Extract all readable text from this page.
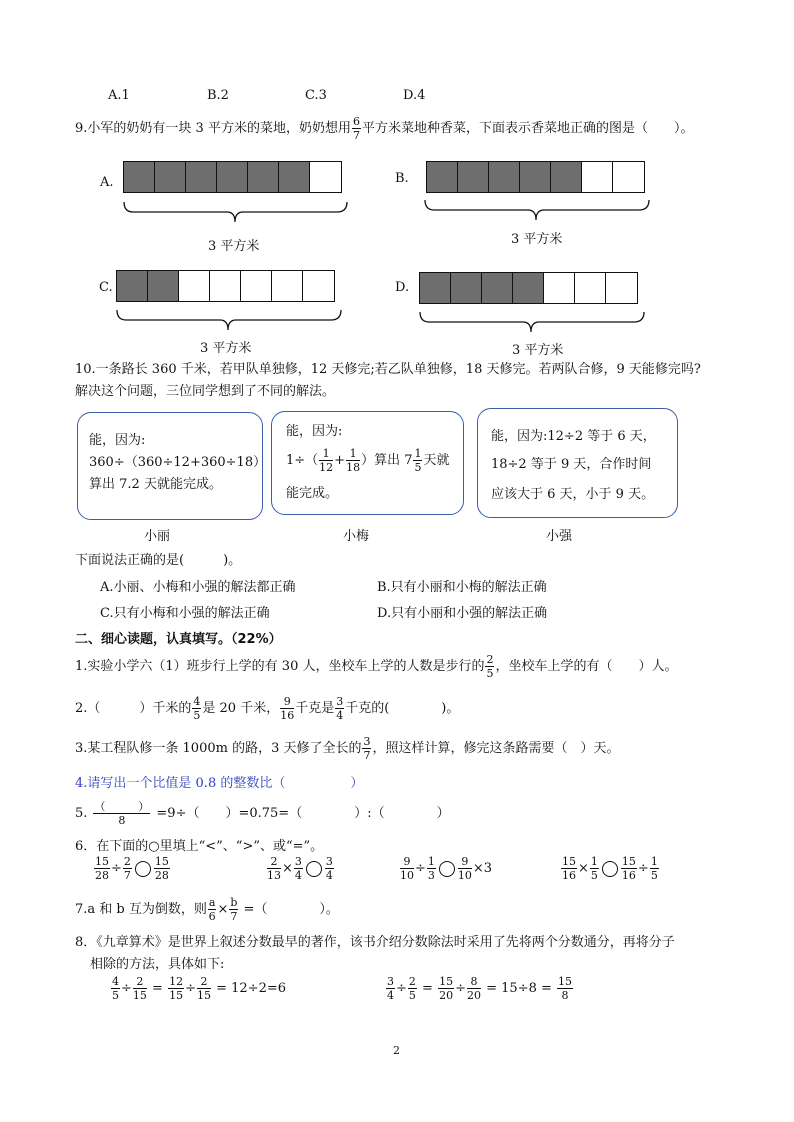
A.1	B.2	C.3	D.4
9.小军的奶奶有一块 3 平方米的菜地，奶奶想用 $\frac{6}{7}$ 平方米菜地种香菜，下面表示香菜地正确的图是（　　）。
A.
3 平方米
B.
3 平方米
C.
3 平方米
D.
3 平方米
10.一条路长 360 千米，若甲队单独修，12 天修完;若乙队单独修，18 天修完。若两队合修，9 天能修完吗?
解决这个问题，三位同学想到了不同的解法。
能，因为:
360÷（360÷12+360÷18）
算出 7.2 天就能完成。
能，因为:
$1\div( \frac{1}{12} + \frac{1}{18}$ ）算出 $7 \frac{1}{5}$ 天就
能完成。
能，因为:12÷2 等于 6 天，
18÷2 等于 9 天，合作时间
应该大于 6 天，小于 9 天。
小丽	小梅	小强
下面说法正确的是(　　　)。
A.小丽、小梅和小强的解法都正确	B.只有小丽和小梅的解法正确
C.只有小梅和小强的解法正确	D.只有小丽和小强的解法正确
二、细心读题，认真填写。（22%）
1.实验小学六（1）班步行上学的有 30 人，坐校车上学的人数是步行的 $\frac{2}{5}$ ，坐校车上学的有（　　）人。
2.（　　　）千米的 $\frac{4}{5}$ 是 20 千米， $\frac{9}{16}$ 千克是 $\frac{3}{4}$ 千克的(　　　　)。
3.某工程队修一条 1000m 的路，3 天修了全长的 $\frac{3}{7}$ ，照这样计算，修完这条路需要（　）天。
4.请写出一个比值是 0.8 的整数比（　　　　　）
5. $\frac{( )}{8} =9\div$（　　）=0.75=（　　　　）:（　　　　）
6．在下面的○里填上“<”、“>”、或“=”。
$\frac{15}{28} \div \frac{2}{7} \frac{15}{28}$	$\frac{2}{13} \times \frac{3}{4} \frac{3}{4}$	$\frac{9}{10} \div \frac{1}{3} \frac{9}{10} \times 3$	$\frac{15}{16} \times \frac{1}{5} \frac{15}{16} \div \frac{1}{5}$
7.a 和 b 互为倒数，则 $\frac{a}{6} \times \frac{b}{7}$ =（　　　　）。
8．《九章算术》是世界上叙述分数最早的著作，该书介绍分数除法时采用了先将两个分数通分，再将分子
相除的方法，具体如下:
$\frac{4}{5} \div \frac{2}{15} = \frac{12}{15} \div \frac{2}{15} = 12\div 2=6$	$\frac{3}{4} \div \frac{2}{5} = \frac{15}{20} \div \frac{8}{20} = 15\div 8 = \frac{15}{8}$
2
